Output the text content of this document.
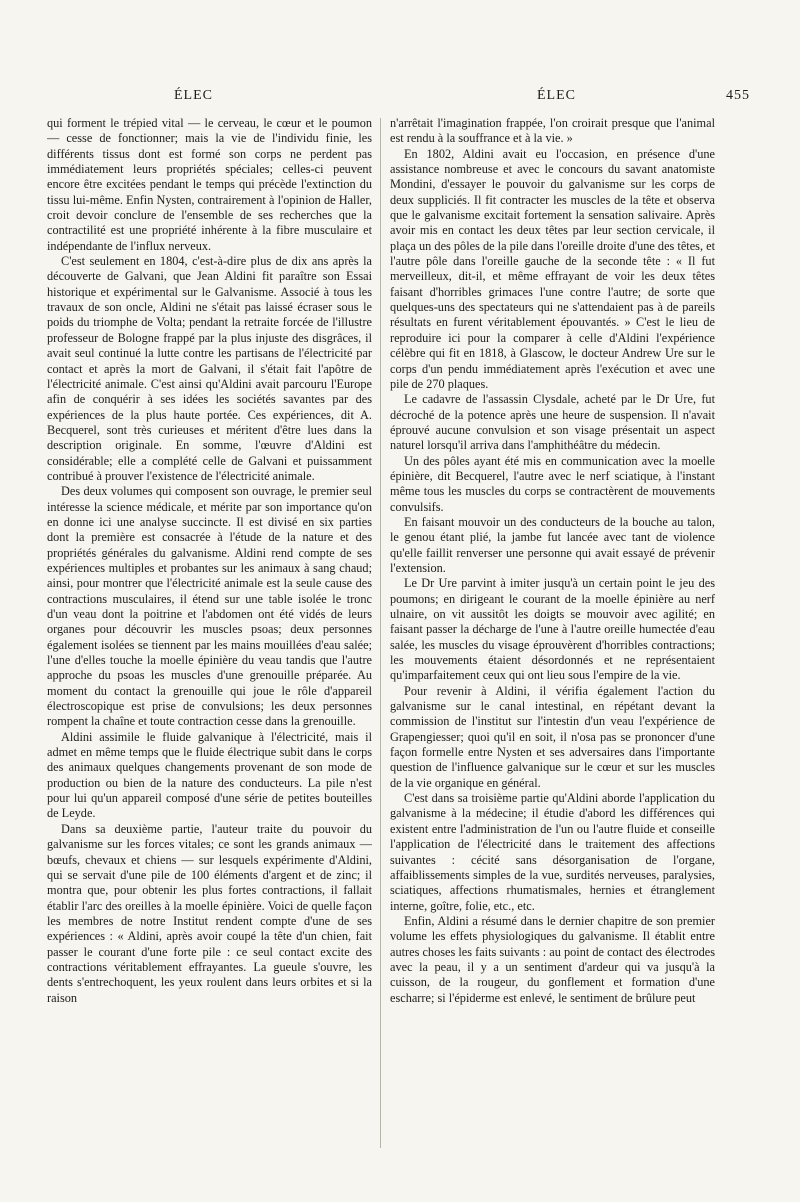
ÉLEC	ÉLEC	455

qui forment le trépied vital — le cerveau, le cœur et le poumon — cesse de fonctionner; mais la vie de l'individu finie, les différents tissus dont est formé son corps ne perdent pas immédiatement leurs propriétés spéciales; celles-ci peuvent encore être excitées pendant le temps qui précède l'extinction du tissu lui-même. Enfin Nysten, contrairement à l'opinion de Haller, croit devoir conclure de l'ensemble de ses recherches que la contractilité est une propriété inhérente à la fibre musculaire et indépendante de l'influx nerveux.

C'est seulement en 1804, c'est-à-dire plus de dix ans après la découverte de Galvani, que Jean Aldini fit paraître son Essai historique et expérimental sur le Galvanisme. Associé à tous les travaux de son oncle, Aldini ne s'était pas laissé écraser sous le poids du triomphe de Volta; pendant la retraite forcée de l'illustre professeur de Bologne frappé par la plus injuste des disgrâces, il avait seul continué la lutte contre les partisans de l'électricité par contact et après la mort de Galvani, il s'était fait l'apôtre de l'électricité animale. C'est ainsi qu'Aldini avait parcouru l'Europe afin de conquérir à ses idées les sociétés savantes par des expériences de la plus haute portée. Ces expériences, dit A. Becquerel, sont très curieuses et méritent d'être lues dans la description originale. En somme, l'œuvre d'Aldini est considérable; elle a complété celle de Galvani et puissamment contribué à prouver l'existence de l'électricité animale.

Des deux volumes qui composent son ouvrage, le premier seul intéresse la science médicale, et mérite par son importance qu'on en donne ici une analyse succincte. Il est divisé en six parties dont la première est consacrée à l'étude de la nature et des propriétés générales du galvanisme. Aldini rend compte de ses expériences multiples et probantes sur les animaux à sang chaud; ainsi, pour montrer que l'électricité animale est la seule cause des contractions musculaires, il étend sur une table isolée le tronc d'un veau dont la poitrine et l'abdomen ont été vidés de leurs organes pour découvrir les muscles psoas; deux personnes également isolées se tiennent par les mains mouillées d'eau salée; l'une d'elles touche la moelle épinière du veau tandis que l'autre approche du psoas les muscles d'une grenouille préparée. Au moment du contact la grenouille qui joue le rôle d'appareil électroscopique est prise de convulsions; les deux personnes rompent la chaîne et toute contraction cesse dans la grenouille.

Aldini assimile le fluide galvanique à l'électricité, mais il admet en même temps que le fluide électrique subit dans le corps des animaux quelques changements provenant de son mode de production ou bien de la nature des conducteurs. La pile n'est pour lui qu'un appareil composé d'une série de petites bouteilles de Leyde.

Dans sa deuxième partie, l'auteur traite du pouvoir du galvanisme sur les forces vitales; ce sont les grands animaux — bœufs, chevaux et chiens — sur lesquels expérimente d'Aldini, qui se servait d'une pile de 100 éléments d'argent et de zinc; il montra que, pour obtenir les plus fortes contractions, il fallait établir l'arc des oreilles à la moelle épinière. Voici de quelle façon les membres de notre Institut rendent compte d'une de ses expériences : « Aldini, après avoir coupé la tête d'un chien, fait passer le courant d'une forte pile : ce seul contact excite des contractions véritablement effrayantes. La gueule s'ouvre, les dents s'entrechoquent, les yeux roulent dans leurs orbites et si la raison

n'arrêtait l'imagination frappée, l'on croirait presque que l'animal est rendu à la souffrance et à la vie. »

En 1802, Aldini avait eu l'occasion, en présence d'une assistance nombreuse et avec le concours du savant anatomiste Mondini, d'essayer le pouvoir du galvanisme sur les corps de deux suppliciés. Il fit contracter les muscles de la tête et observa que le galvanisme excitait fortement la sensation salivaire. Après avoir mis en contact les deux têtes par leur section cervicale, il plaça un des pôles de la pile dans l'oreille droite d'une des têtes, et l'autre pôle dans l'oreille gauche de la seconde tête : « Il fut merveilleux, dit-il, et même effrayant de voir les deux têtes faisant d'horribles grimaces l'une contre l'autre; de sorte que quelques-uns des spectateurs qui ne s'attendaient pas à de pareils résultats en furent véritablement épouvantés. » C'est le lieu de reproduire ici pour la comparer à celle d'Aldini l'expérience célèbre qui fit en 1818, à Glascow, le docteur Andrew Ure sur le corps d'un pendu immédiatement après l'exécution et avec une pile de 270 plaques.

Le cadavre de l'assassin Clysdale, acheté par le Dr Ure, fut décroché de la potence après une heure de suspension. Il n'avait éprouvé aucune convulsion et son visage présentait un aspect naturel lorsqu'il arriva dans l'amphithéâtre du médecin.

Un des pôles ayant été mis en communication avec la moelle épinière, dit Becquerel, l'autre avec le nerf sciatique, à l'instant même tous les muscles du corps se contractèrent de mouvements convulsifs.

En faisant mouvoir un des conducteurs de la bouche au talon, le genou étant plié, la jambe fut lancée avec tant de violence qu'elle faillit renverser une personne qui avait essayé de prévenir l'extension.

Le Dr Ure parvint à imiter jusqu'à un certain point le jeu des poumons; en dirigeant le courant de la moelle épinière au nerf ulnaire, on vit aussitôt les doigts se mouvoir avec agilité; en faisant passer la décharge de l'une à l'autre oreille humectée d'eau salée, les muscles du visage éprouvèrent d'horribles contractions; les mouvements étaient désordonnés et ne représentaient qu'imparfaitement ceux qui ont lieu sous l'empire de la vie.

Pour revenir à Aldini, il vérifia également l'action du galvanisme sur le canal intestinal, en répétant devant la commission de l'institut sur l'intestin d'un veau l'expérience de Grapengiesser; quoi qu'il en soit, il n'osa pas se prononcer d'une façon formelle entre Nysten et ses adversaires dans l'importante question de l'influence galvanique sur le cœur et sur les muscles de la vie organique en général.

C'est dans sa troisième partie qu'Aldini aborde l'application du galvanisme à la médecine; il étudie d'abord les différences qui existent entre l'administration de l'un ou l'autre fluide et conseille l'application de l'électricité dans le traitement des affections suivantes : cécité sans désorganisation de l'organe, affaiblissements simples de la vue, surdités nerveuses, paralysies, sciatiques, affections rhumatismales, hernies et étranglement interne, goître, folie, etc., etc.

Enfin, Aldini a résumé dans le dernier chapitre de son premier volume les effets physiologiques du galvanisme. Il établit entre autres choses les faits suivants : au point de contact des électrodes avec la peau, il y a un sentiment d'ardeur qui va jusqu'à la cuisson, de la rougeur, du gonflement et formation d'une escharre; si l'épiderme est enlevé, le sentiment de brûlure peut
